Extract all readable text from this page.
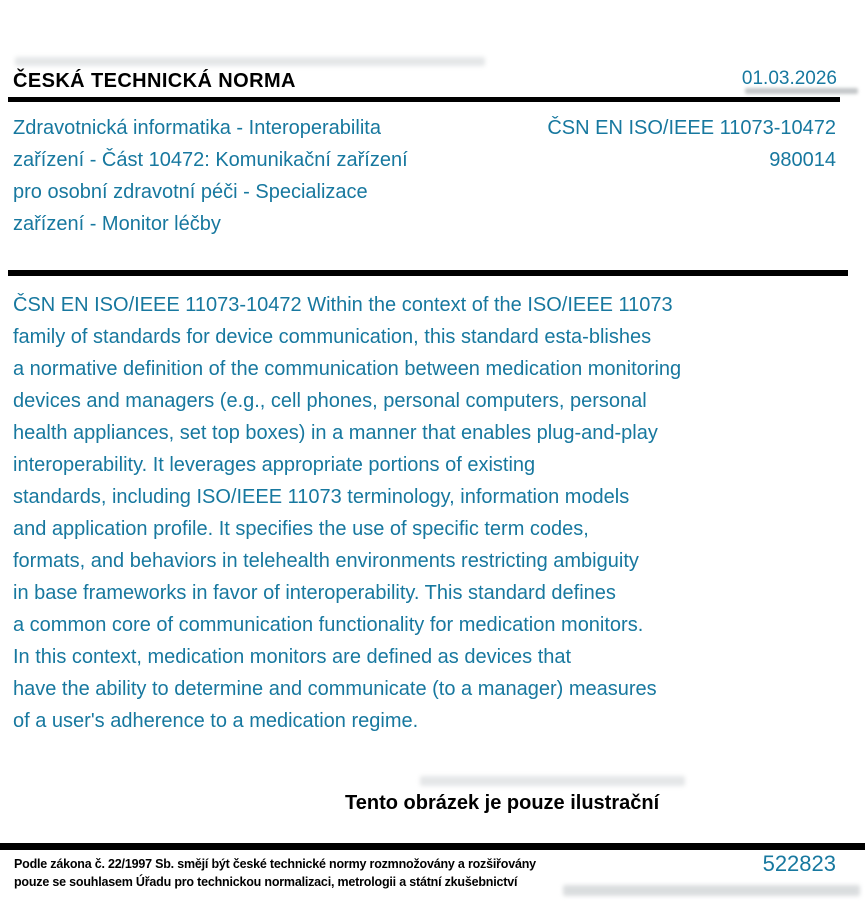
ČESKÁ TECHNICKÁ NORMA	01.03.2026
Zdravotnická informatika - Interoperabilita
zařízení - Část 10472: Komunikační zařízení
pro osobní zdravotní péči - Specializace
zařízení - Monitor léčby
ČSN EN ISO/IEEE 11073-10472
980014
ČSN EN ISO/IEEE 11073-10472 Within the context of the ISO/IEEE 11073
family of standards for device communication, this standard esta-blishes
a normative definition of the communication between medication monitoring
devices and managers (e.g., cell phones, personal computers, personal
health appliances, set top boxes) in a manner that enables plug-and-play
interoperability. It leverages appropriate portions of existing
standards, including ISO/IEEE 11073 terminology, information models
and application profile. It specifies the use of specific term codes,
formats, and behaviors in telehealth environments restricting ambiguity
in base frameworks in favor of interoperability. This standard defines
a common core of communication functionality for medication monitors.
In this context, medication monitors are defined as devices that
have the ability to determine and communicate (to a manager) measures
of a user's adherence to a medication regime.
Tento obrázek je pouze ilustrační
Podle zákona č. 22/1997 Sb. smějí být české technické normy rozmnožovány a rozšiřovány
pouze se souhlasem Úřadu pro technickou normalizaci, metrologii a státní zkušebnictví
522823
